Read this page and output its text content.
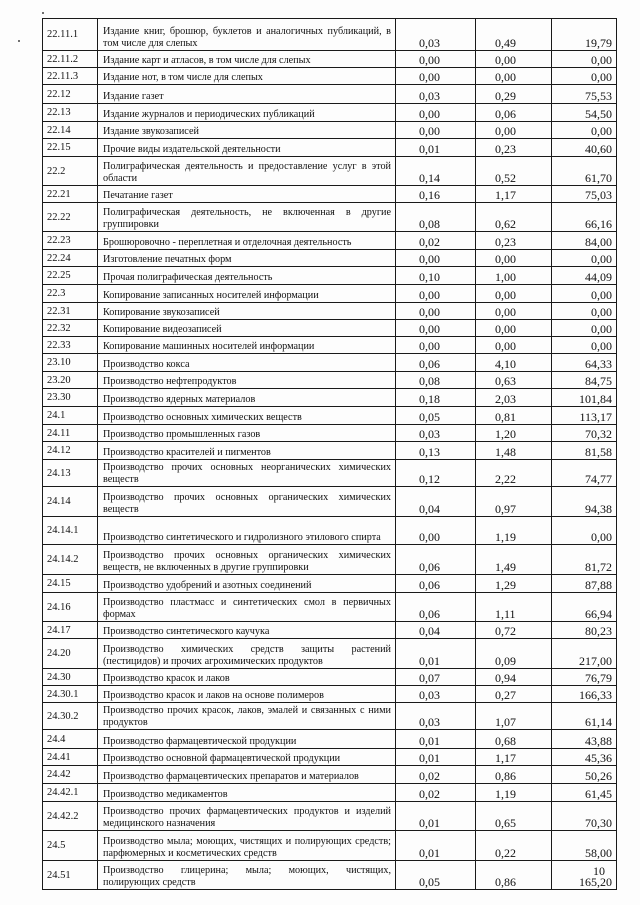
22.11.1	Издание книг, брошюр, буклетов и аналогичных публикаций, в том числе для слепых	0,03	0,49	19,79
22.11.2	Издание карт и атласов, в том числе для слепых	0,00	0,00	0,00
22.11.3	Издание нот, в том числе для слепых	0,00	0,00	0,00
22.12	Издание газет	0,03	0,29	75,53
22.13	Издание журналов и периодических публикаций	0,00	0,06	54,50
22.14	Издание звукозаписей	0,00	0,00	0,00
22.15	Прочие виды издательской деятельности	0,01	0,23	40,60
22.2	Полиграфическая деятельность и предоставление услуг в этой области	0,14	0,52	61,70
22.21	Печатание газет	0,16	1,17	75,03
22.22	Полиграфическая деятельность, не включенная в другие группировки	0,08	0,62	66,16
22.23	Брошюровочно - переплетная и отделочная деятельность	0,02	0,23	84,00
22.24	Изготовление печатных форм	0,00	0,00	0,00
22.25	Прочая полиграфическая деятельность	0,10	1,00	44,09
22.3	Копирование записанных носителей информации	0,00	0,00	0,00
22.31	Копирование звукозаписей	0,00	0,00	0,00
22.32	Копирование видеозаписей	0,00	0,00	0,00
22.33	Копирование машинных носителей информации	0,00	0,00	0,00
23.10	Производство кокса	0,06	4,10	64,33
23.20	Производство нефтепродуктов	0,08	0,63	84,75
23.30	Производство ядерных материалов	0,18	2,03	101,84
24.1	Производство основных химических веществ	0,05	0,81	113,17
24.11	Производство промышленных газов	0,03	1,20	70,32
24.12	Производство красителей и пигментов	0,13	1,48	81,58
24.13	Производство прочих основных неорганических химических веществ	0,12	2,22	74,77
24.14	Производство прочих основных органических химических веществ	0,04	0,97	94,38
24.14.1	Производство синтетического и гидролизного этилового спирта	0,00	1,19	0,00
24.14.2	Производство прочих основных органических химических веществ, не включенных в другие группировки	0,06	1,49	81,72
24.15	Производство удобрений и азотных соединений	0,06	1,29	87,88
24.16	Производство пластмасс и синтетических смол в первичных формах	0,06	1,11	66,94
24.17	Производство синтетического каучука	0,04	0,72	80,23
24.20	Производство химических средств защиты растений (пестицидов) и прочих агрохимических продуктов	0,01	0,09	217,00
24.30	Производство красок и лаков	0,07	0,94	76,79
24.30.1	Производство красок и лаков на основе полимеров	0,03	0,27	166,33
24.30.2	Производство прочих красок, лаков, эмалей и связанных с ними продуктов	0,03	1,07	61,14
24.4	Производство фармацевтической продукции	0,01	0,68	43,88
24.41	Производство основной фармацевтической продукции	0,01	1,17	45,36
24.42	Производство фармацевтических препаратов и материалов	0,02	0,86	50,26
24.42.1	Производство медикаментов	0,02	1,19	61,45
24.42.2	Производство прочих фармацевтических продуктов и изделий медицинского назначения	0,01	0,65	70,30
24.5	Производство мыла; моющих, чистящих и полирующих средств; парфюмерных и косметических средств	0,01	0,22	58,00
24.51	Производство глицерина; мыла; моющих, чистящих, полирующих средств	0,05	0,86	165,20
10
